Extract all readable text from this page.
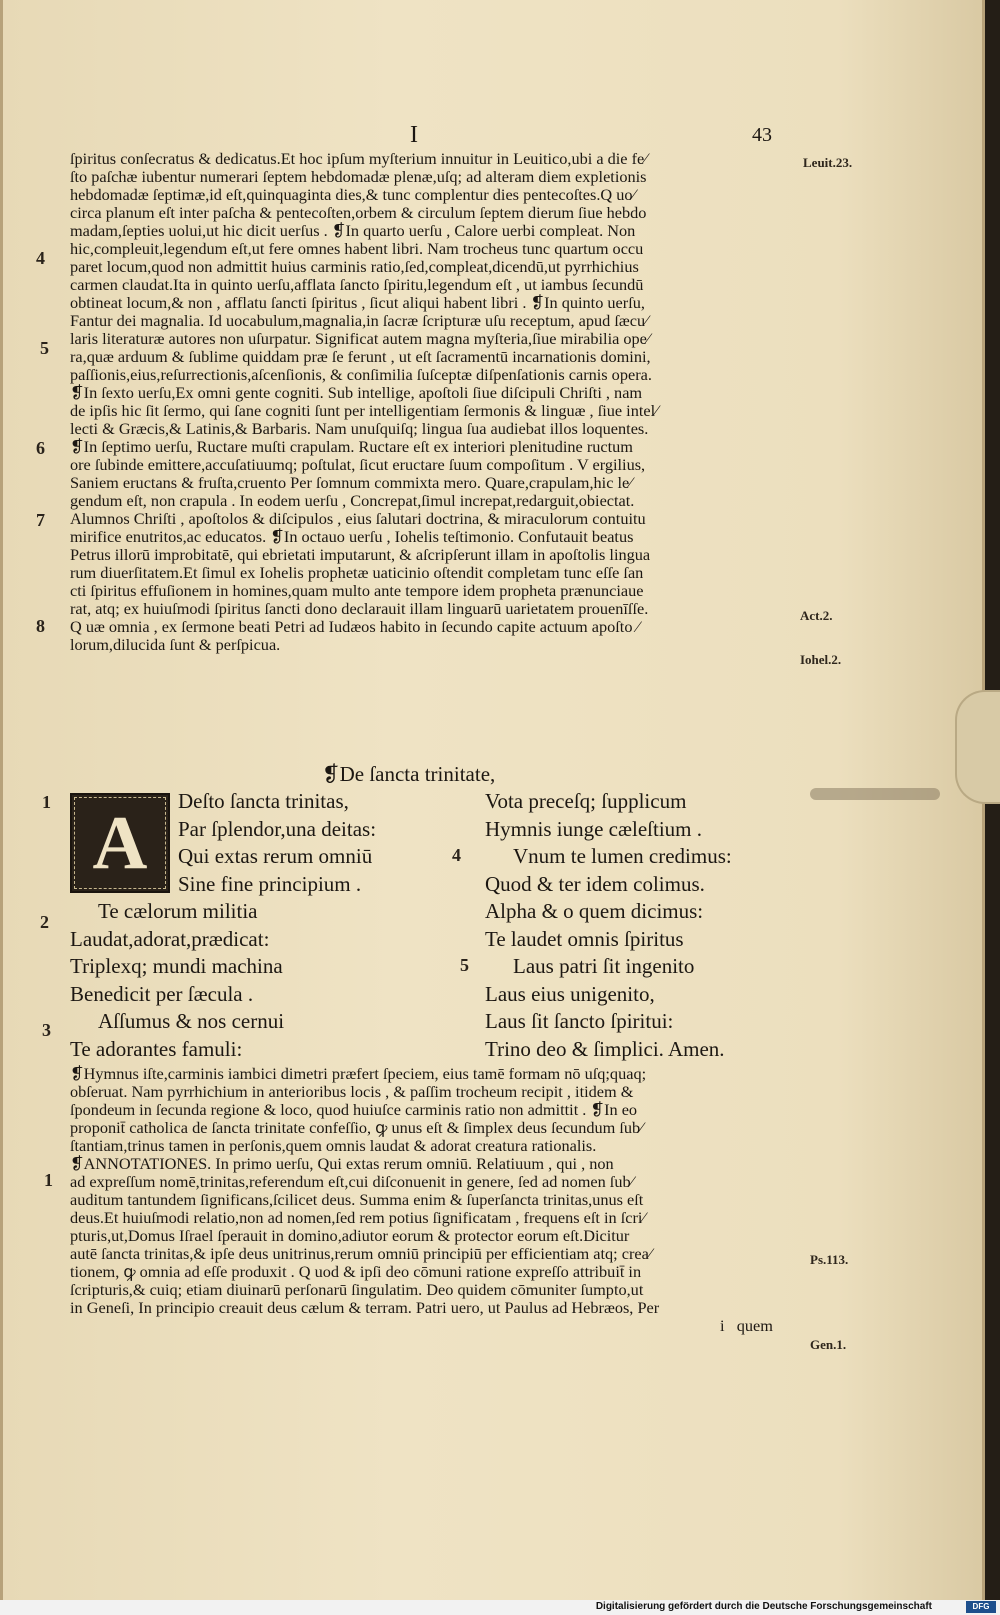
I	43
ſpiritus conſecratus & dedicatus.Et hoc ipſum myſterium innuitur in Leuitico,ubi a die fe⁄
ſto paſchæ iubentur numerari ſeptem hebdomadæ plenæ,uſq; ad alteram diem expletionis
hebdomadæ ſeptimæ,id eſt,quinquaginta dies,& tunc complentur dies pentecoſtes.Q uo⁄
circa planum eſt inter paſcha & pentecoſten,orbem & circulum ſeptem dierum ſiue hebdo
madam,ſepties uolui,ut hic dicit uerſus . ❡In quarto uerſu , Calore uerbi compleat. Non
hic,compleuit,legendum eſt,ut fere omnes habent libri. Nam trocheus tunc quartum occu
paret locum,quod non admittit huius carminis ratio,ſed,compleat,dicendū,ut pyrrhichius
carmen claudat.Ita in quinto uerſu,afflata ſancto ſpiritu,legendum eſt , ut iambus ſecundū
obtineat locum,& non , afflatu ſancti ſpiritus , ſicut aliqui habent libri . ❡In quinto uerſu,
Fantur dei magnalia. Id uocabulum,magnalia,in ſacræ ſcripturæ uſu receptum, apud ſæcu⁄
laris literaturæ autores non uſurpatur. Significat autem magna myſteria,ſiue mirabilia ope⁄
ra,quæ arduum & ſublime quiddam præ ſe ferunt , ut eſt ſacramentū incarnationis domini,
paſſionis,eius,reſurrectionis,aſcenſionis, & conſimilia ſuſceptæ diſpenſationis carnis opera.
❡In ſexto uerſu,Ex omni gente cogniti. Sub intellige, apoſtoli ſiue diſcipuli Chriſti , nam
de ipſis hic ſit ſermo, qui ſane cogniti ſunt per intelligentiam ſermonis & linguæ , ſiue intel⁄
lecti & Græcis,& Latinis,& Barbaris. Nam unuſquiſq; lingua ſua audiebat illos loquentes.
❡In ſeptimo uerſu, Ructare muſti crapulam. Ructare eſt ex interiori plenitudine ructum
ore ſubinde emittere,accuſatiuumq; poſtulat, ſicut eructare ſuum compoſitum . V ergilius,
Saniem eructans & fruſta,cruento Per ſomnum commixta mero. Quare,crapulam,hic le⁄
gendum eſt, non crapula . In eodem uerſu , Concrepat,ſimul increpat,redarguit,obiectat.
Alumnos Chriſti , apoſtolos & diſcipulos , eius ſalutari doctrina, & miraculorum contuitu
mirifice enutritos,ac educatos. ❡In octauo uerſu , Iohelis teſtimonio. Confutauit beatus
Petrus illorū improbitatē, qui ebrietati imputarunt, & aſcripſerunt illam in apoſtolis lingua
rum diuerſitatem.Et ſimul ex Iohelis prophetæ uaticinio oſtendit completam tunc eſſe ſan
cti ſpiritus effuſionem in homines,quam multo ante tempore idem propheta prænunciaue
rat, atq; ex huiuſmodi ſpiritus ſancti dono declarauit illam linguarū uarietatem prouenīſſe.
Q uæ omnia , ex ſermone beati Petri ad Iudæos habito in ſecundo capite actuum apoſto ⁄
lorum,dilucida ſunt & perſpicua.
❡De ſancta trinitate,
A	Deſto ſancta trinitas,
Par ſplendor,una deitas:
Qui extas rerum omniū
Sine fine principium .
Te cælorum militia
Laudat,adorat,prædicat:
Triplexq; mundi machina
Benedicit per ſæcula .
Aſſumus & nos cernui
Te adorantes famuli:
Vota preceſq; ſupplicum
Hymnis iunge cæleſtium .
Vnum te lumen credimus:
Quod & ter idem colimus.
Alpha & o quem dicimus:
Te laudet omnis ſpiritus
Laus patri ſit ingenito
Laus eius unigenito,
Laus ſit ſancto ſpiritui:
Trino deo & ſimplici. Amen.
1
2
3
4
5
❡Hymnus iſte,carminis iambici dimetri præfert ſpeciem, eius tamē formam nō uſq;quaq;
obſeruat. Nam pyrrhichium in anterioribus locis , & paſſim trocheum recipit , itidem &
ſpondeum in ſecunda regione & loco, quod huiuſce carminis ratio non admittit . ❡In eo
proponit̄ catholica de ſancta trinitate confeſſio, ꝙ unus eſt & ſimplex deus ſecundum ſub⁄
ſtantiam,trinus tamen in perſonis,quem omnis laudat & adorat creatura rationalis.
❡ANNOTATIONES. In primo uerſu, Qui extas rerum omniū. Relatiuum , qui , non
ad expreſſum nomē,trinitas,referendum eſt,cui diſconuenit in genere, ſed ad nomen ſub⁄
auditum tantundem ſignificans,ſcilicet deus. Summa enim & ſuperſancta trinitas,unus eſt
deus.Et huiuſmodi relatio,non ad nomen,ſed rem potius ſignificatam , frequens eſt in ſcri⁄
pturis,ut,Domus Iſrael ſperauit in domino,adiutor eorum & protector eorum eſt.Dicitur
autē ſancta trinitas,& ipſe deus unitrinus,rerum omniū principiū per efficientiam atq; crea⁄
tionem, ꝙ omnia ad eſſe produxit . Q uod & ipſi deo cōmuni ratione expreſſo attribuit̄ in
ſcripturis,& cuiq; etiam diuinarū perſonarū ſingulatim. Deo quidem cōmuniter ſumpto,ut
in Geneſi, In principio creauit deus cælum & terram. Patri uero, ut Paulus ad Hebræos, Per
i quem
4
5
6
7
8
1
Leuit.23.
Act.2.
Iohel.2.
Ps.113.
Gen.1.
Digitalisierung gefördert durch die Deutsche Forschungsgemeinschaft	DFG
